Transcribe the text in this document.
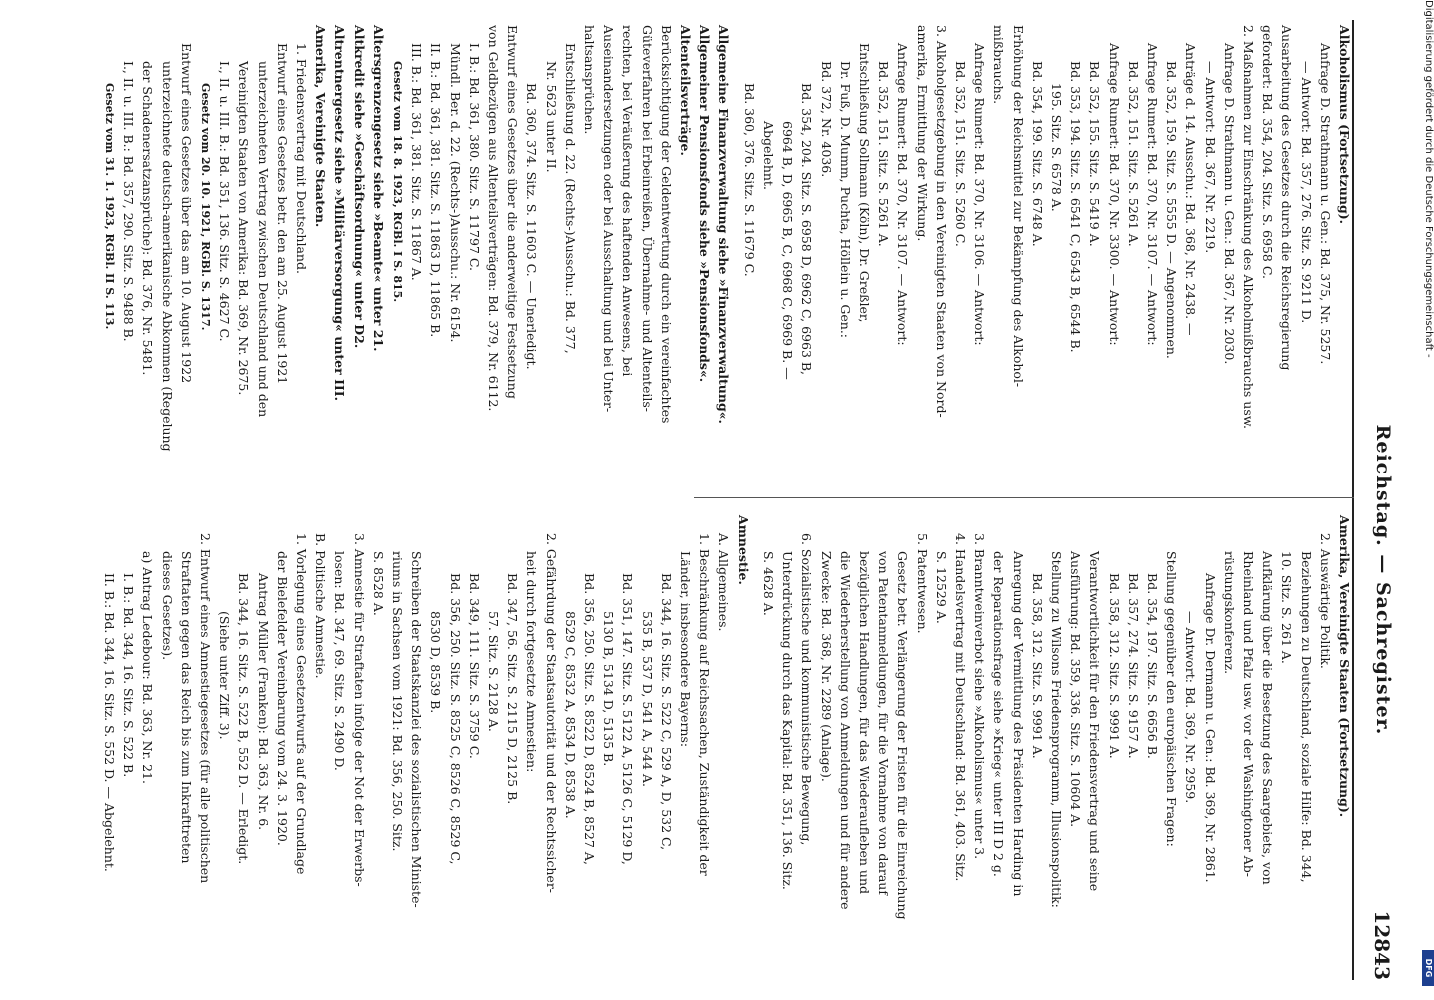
Digitalisierung gefördert durch die Deutsche Forschungsgemeinschaft -
DFG
Reichstag. — Sachregister.
12843
Alkoholismus (Fortsetzung).
Anfrage D. Strathmann u. Gen.: Bd. 375, Nr. 5257.
— Antwort: Bd. 357, 276. Sitz. S. 9211 D.
Ausarbeitung des Gesetzes durch die Reichsregierung
gefordert: Bd. 354, 204. Sitz. S. 6958 C.
2. Maßnahmen zur Einschränkung des Alkoholmißbrauchs usw.
Anfrage D. Strathmann u. Gen.: Bd. 367, Nr. 2030.
— Antwort: Bd. 367, Nr. 2219.
Anträge d. 14. Ausschu.: Bd. 368, Nr. 2438. —
Bd. 352, 159. Sitz. S. 5555 D. — Angenommen.
Anfrage Rumert: Bd. 370, Nr. 3107. — Antwort:
Bd. 352, 151. Sitz. S. 5261 A.
Anfrage Rumert: Bd. 370, Nr. 3300. — Antwort:
Bd. 352, 155. Sitz. S. 5419 A.
Bd. 353, 194. Sitz. S. 6541 C, 6543 B, 6544 B.
195. Sitz. S. 6578 A.
Bd. 354, 199. Sitz. S. 6748 A.
Erhöhung der Reichsmittel zur Bekämpfung des Alkohol-
mißbrauchs.
Anfrage Rumert: Bd. 370, Nr. 3106. — Antwort:
Bd. 352, 151. Sitz. S. 5260 C.
3. Alkoholgesetzgebung in den Vereinigten Staaten von Nord-
amerika, Ermittlung der Wirkung.
Anfrage Rumert: Bd. 370, Nr. 3107. — Antwort:
Bd. 352, 151. Sitz. S. 5261 A.
Entschließung Sollmann (Köln), Dr. Greßler,
Dr. Fuß, D. Mumm, Puchta, Höllein u. Gen.:
Bd. 372, Nr. 4036.
Bd. 354, 204. Sitz. S. 6958 D, 6962 C, 6963 B,
6964 B, D, 6965 B, C, 6968 C, 6969 B. —
Abgelehnt.
Bd. 360, 376. Sitz. S. 11679 C.
Allgemeine Finanzverwaltung siehe »Finanzverwaltung«.
Allgemeiner Pensionsfonds siehe »Pensionsfonds«.
Altenteilsverträge.
Berücksichtigung der Geldentwertung durch ein vereinfachtes
Güteverfahren bei Erbeinreißen, Übernahme- und Altenteils-
rechten, bei Veräußerung des haftenden Anwesens, bei
Auseinandersetzungen oder bei Ausschaltung und bei Unter-
haltsansprüchen.
Entschließung d. 22. (Rechts-)Ausschu.: Bd. 377,
Nr. 5623 unter II.
Bd. 360, 374. Sitz. S. 11603 C. — Unerledigt.
Entwurf eines Gesetzes über die anderweitige Festsetzung
von Geldbezügen aus Altenteilsverträgen: Bd. 379, Nr. 6112.
I. B.: Bd. 361, 380. Sitz. S. 11797 C.
Mündl. Ber. d. 22. (Rechts-)Ausschu.: Nr. 6154.
II. B.: Bd. 361, 381. Sitz. S. 11863 D, 11865 B.
III. B.: Bd. 361, 381. Sitz. S. 11867 A.
Gesetz vom 18. 8. 1923, RGBl. I S. 815.
Altersgrenzengesetz siehe »Beamte« unter 21.
Altkredit siehe »Geschäftsordnung« unter D2.
Altrentnergesetz siehe »Militärversorgung« unter III.
Amerika, Vereinigte Staaten.
1. Friedensvertrag mit Deutschland.
Entwurf eines Gesetzes betr. den am 25. August 1921
unterzeichneten Vertrag zwischen Deutschland und den
Vereinigten Staaten von Amerika: Bd. 369, Nr. 2675.
I., II. u. III. B.: Bd. 351, 136. Sitz. S. 4627 C.
Gesetz vom 20. 10. 1921, RGBl. S. 1317.
Entwurf eines Gesetzes über das am 10. August 1922
unterzeichnete deutsch-amerikanische Abkommen (Regelung
der Schadenersatzansprüche): Bd. 376, Nr. 5481.
I., II. u. III. B.: Bd. 357, 290. Sitz. S. 9488 B.
Gesetz vom 31. 1. 1923, RGBl. II S. 113.
Amerika, Vereinigte Staaten (Fortsetzung).
2. Auswärtige Politik.
Beziehungen zu Deutschland, soziale Hilfe: Bd. 344,
10. Sitz. S. 261 A.
Aufklärung über die Besetzung des Saargebiets, von
Rheinland und Pfalz usw. vor der Washingtoner Ab-
rüstungskonferenz.
Anfrage Dr. Dermann u. Gen.: Bd. 369, Nr. 2861.
— Antwort: Bd. 369, Nr. 2959.
Stellung gegenüber den europäischen Fragen:
Bd. 354, 197. Sitz. S. 6656 B.
Bd. 357, 274. Sitz. S. 9157 A.
Bd. 358, 312. Sitz. S. 9991 A.
Verantwortlichkeit für den Friedensvertrag und seine
Ausführung: Bd. 359, 336. Sitz. S. 10604 A.
Stellung zu Wilsons Friedensprogramm, Illusionspolitik:
Bd. 358, 312. Sitz. S. 9991 A.
Anregung der Vermittlung des Präsidenten Harding in
der Reparationsfrage siehe »Krieg« unter III D 2 g.
3. Branntweinverbot siehe »Alkoholismus« unter 3.
4. Handelsvertrag mit Deutschland: Bd. 361, 403. Sitz.
S. 12529 A.
5. Patentwesen.
Gesetz betr. Verlängerung der Fristen für die Einreichung
von Patentanmeldungen, für die Vornahme von darauf
bezüglichen Handlungen, für das Wiederaufleben und
die Wiederherstellung von Anmeldungen und für andere
Zwecke: Bd. 368, Nr. 2289 (Anlage).
6. Sozialistische und kommunistische Bewegung,
Unterdrückung durch das Kapital: Bd. 351, 136. Sitz.
S. 4628 A.
Amnestie.
A. Allgemeines.
1. Beschränkung auf Reichssachen, Zuständigkeit der
Länder, insbesondere Bayerns:
Bd. 344, 16. Sitz. S. 522 C, 529 A, D, 532 C,
535 B, 537 D, 541 A, 544 A.
Bd. 351, 147. Sitz. S. 5122 A, 5126 C, 5129 D,
5130 B, 5134 D, 5135 B.
Bd. 356, 250. Sitz. S. 8522 D, 8524 B, 8527 A,
8529 C, 8532 A, 8534 D, 8538 A.
2. Gefährdung der Staatsautorität und der Rechtssicher-
heit durch fortgesetzte Amnestien:
Bd. 347, 56. Sitz. S. 2115 D, 2125 B.
57. Sitz. S. 2128 A.
Bd. 349, 111. Sitz. S. 3759 C.
Bd. 356, 250. Sitz. S. 8525 C, 8526 C, 8529 C,
8530 D, 8539 B.
Schreiben der Staatskanzlei des sozialistischen Ministe-
riums in Sachsen vom 1921: Bd. 356, 250. Sitz.
S. 8528 A.
3. Amnestie für Straftaten infolge der Not der Erwerbs-
losen: Bd. 347, 69. Sitz. S. 2490 D.
B. Politische Amnestie.
1. Vorlegung eines Gesetzentwurfs auf der Grundlage
der Bielefelder Vereinbarung vom 24. 3. 1920.
Antrag Müller (Franken): Bd. 363, Nr. 6.
Bd. 344, 16. Sitz. S. 522 B, 552 D. — Erledigt.
(Siehe unter Ziff. 3).
2. Entwurf eines Amnestiegesetzes (für alle politischen
Straftaten gegen das Reich bis zum Inkrafttreten
dieses Gesetzes).
a) Antrag Ledebour: Bd. 363, Nr. 21.
I. B.: Bd. 344, 16. Sitz. S. 522 B.
II. B.: Bd. 344, 16. Sitz. S. 552 D. — Abgelehnt.
